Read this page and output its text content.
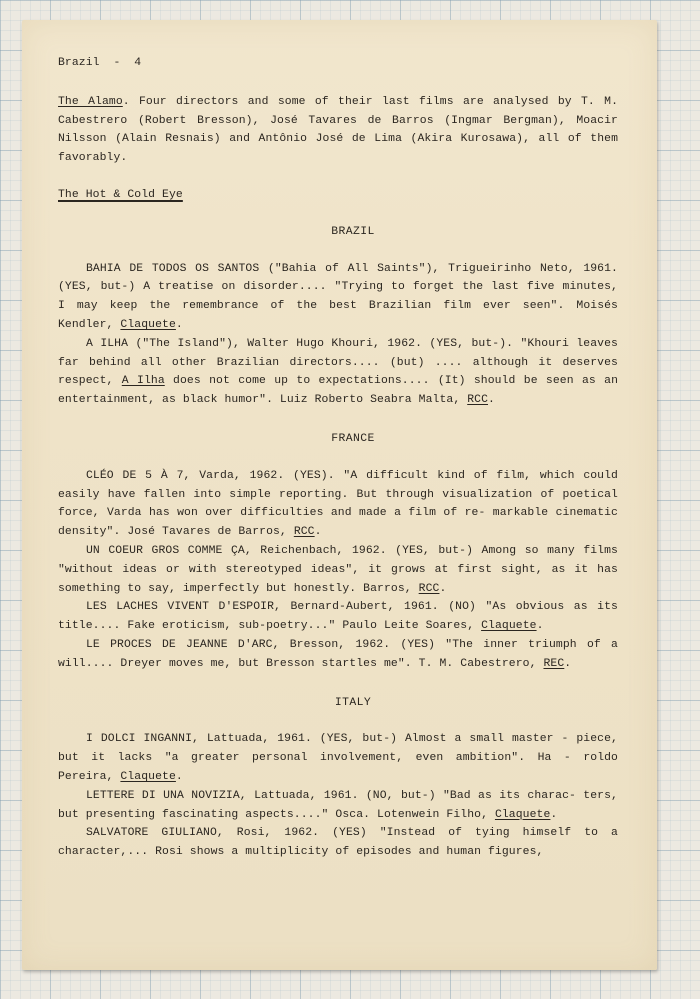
Brazil  -  4

The Alamo. Four directors and some of their last films are analysed by T. M. Cabestrero (Robert Bresson), José Tavares de Barros (Ingmar Bergman), Moacir Nilsson (Alain Resnais) and Antônio José de Lima (Akira Kurosawa), all of them favorably.

The Hot & Cold Eye

BRAZIL

BAHIA DE TODOS OS SANTOS ("Bahia of All Saints"), Trigueirinho Neto, 1961. (YES, but-) A treatise on disorder.... "Trying to forget the last five minutes, I may keep the remembrance of the best Brazilian film ever seen". Moisés Kendler, Claquete.

A ILHA ("The Island"), Walter Hugo Khouri, 1962. (YES, but-). "Khouri leaves far behind all other Brazilian directors.... (but) .... although it deserves respect, A Ilha does not come up to expectations.... (It) should be seen as an entertainment, as black humor". Luiz Roberto Seabra Malta, RCC.

FRANCE

CLÉO DE 5 À 7, Varda, 1962. (YES). "A difficult kind of film, which could easily have fallen into simple reporting. But through visualization of poetical force, Varda has won over difficulties and made a film of re- markable cinematic density". José Tavares de Barros, RCC.

UN COEUR GROS COMME ÇA, Reichenbach, 1962. (YES, but-) Among so many films "without ideas or with stereotyped ideas", it grows at first sight, as it has something to say, imperfectly but honestly. Barros, RCC.

LES LACHES VIVENT D'ESPOIR, Bernard-Aubert, 1961. (NO) "As obvious as its title.... Fake eroticism, sub-poetry..." Paulo Leite Soares, Claquete.

LE PROCES DE JEANNE D'ARC, Bresson, 1962. (YES) "The inner triumph of a will.... Dreyer moves me, but Bresson startles me". T. M. Cabestrero, REC.

ITALY

I DOLCI INGANNI, Lattuada, 1961. (YES, but-) Almost a small master - piece, but it lacks "a greater personal involvement, even ambition". Ha - roldo Pereira, Claquete.

LETTERE DI UNA NOVIZIA, Lattuada, 1961. (NO, but-) "Bad as its charac- ters, but presenting fascinating aspects...." Osca. Lotenwein Filho, Claquete.

SALVATORE GIULIANO, Rosi, 1962. (YES) "Instead of tying himself to a character,... Rosi shows a multiplicity of episodes and human figures,
